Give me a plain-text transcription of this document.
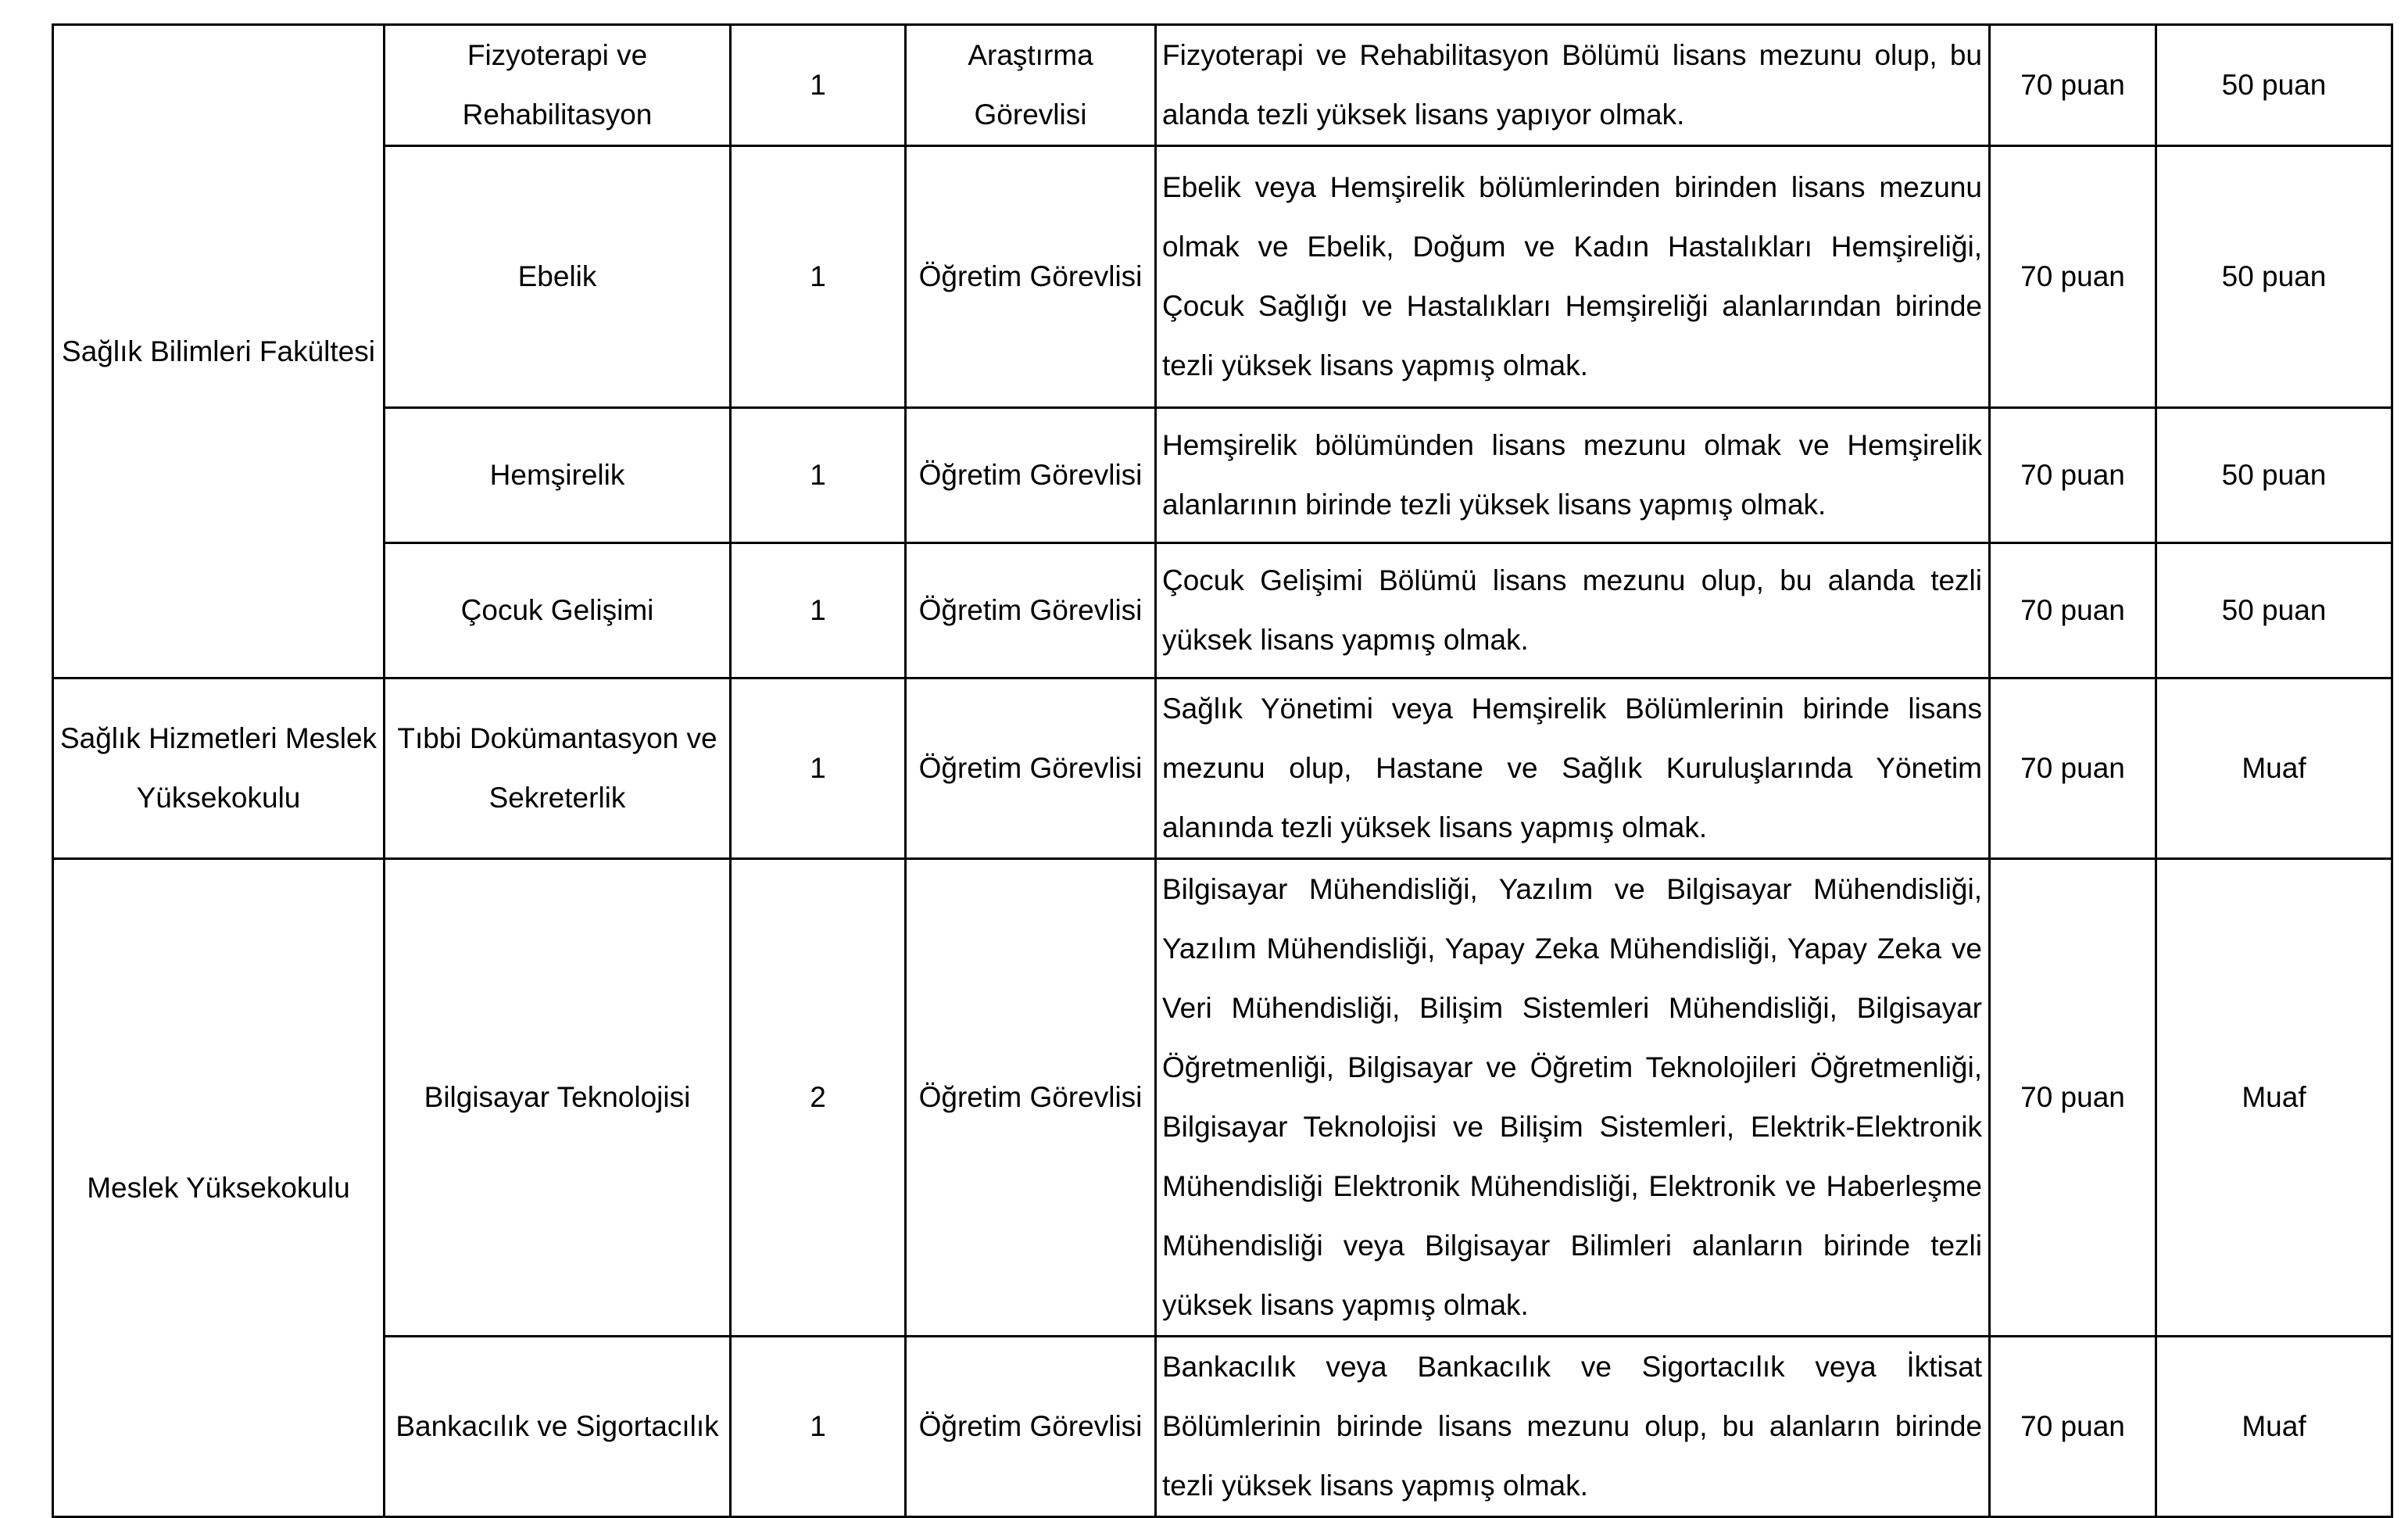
Sağlık Bilimleri Fakültesi	Fizyoterapi ve Rehabilitasyon	1	Araştırma Görevlisi	Fizyoterapi ve Rehabilitasyon Bölümü lisans mezunu olup, bu alanda tezli yüksek lisans yapıyor olmak.	70 puan	50 puan
	Ebelik	1	Öğretim Görevlisi	Ebelik veya Hemşirelik bölümlerinden birinden lisans mezunu olmak ve Ebelik, Doğum ve Kadın Hastalıkları Hemşireliği, Çocuk Sağlığı ve Hastalıkları Hemşireliği alanlarından birinde tezli yüksek lisans yapmış olmak.	70 puan	50 puan
	Hemşirelik	1	Öğretim Görevlisi	Hemşirelik bölümünden lisans mezunu olmak ve Hemşirelik alanlarının birinde tezli yüksek lisans yapmış olmak.	70 puan	50 puan
	Çocuk Gelişimi	1	Öğretim Görevlisi	Çocuk Gelişimi Bölümü lisans mezunu olup, bu alanda tezli yüksek lisans yapmış olmak.	70 puan	50 puan
Sağlık Hizmetleri Meslek Yüksekokulu	Tıbbi Dokümantasyon ve Sekreterlik	1	Öğretim Görevlisi	Sağlık Yönetimi veya Hemşirelik Bölümlerinin birinde lisans mezunu olup, Hastane ve Sağlık Kuruluşlarında Yönetim alanında tezli yüksek lisans yapmış olmak.	70 puan	Muaf
Meslek Yüksekokulu	Bilgisayar Teknolojisi	2	Öğretim Görevlisi	Bilgisayar Mühendisliği, Yazılım ve Bilgisayar Mühendisliği, Yazılım Mühendisliği, Yapay Zeka Mühendisliği, Yapay Zeka ve Veri Mühendisliği, Bilişim Sistemleri Mühendisliği, Bilgisayar Öğretmenliği, Bilgisayar ve Öğretim Teknolojileri Öğretmenliği, Bilgisayar Teknolojisi ve Bilişim Sistemleri, Elektrik-Elektronik Mühendisliği Elektronik Mühendisliği, Elektronik ve Haberleşme Mühendisliği veya Bilgisayar Bilimleri alanların birinde tezli yüksek lisans yapmış olmak.	70 puan	Muaf
	Bankacılık ve Sigortacılık	1	Öğretim Görevlisi	Bankacılık veya Bankacılık ve Sigortacılık veya İktisat Bölümlerinin birinde lisans mezunu olup, bu alanların birinde tezli yüksek lisans yapmış olmak.	70 puan	Muaf
